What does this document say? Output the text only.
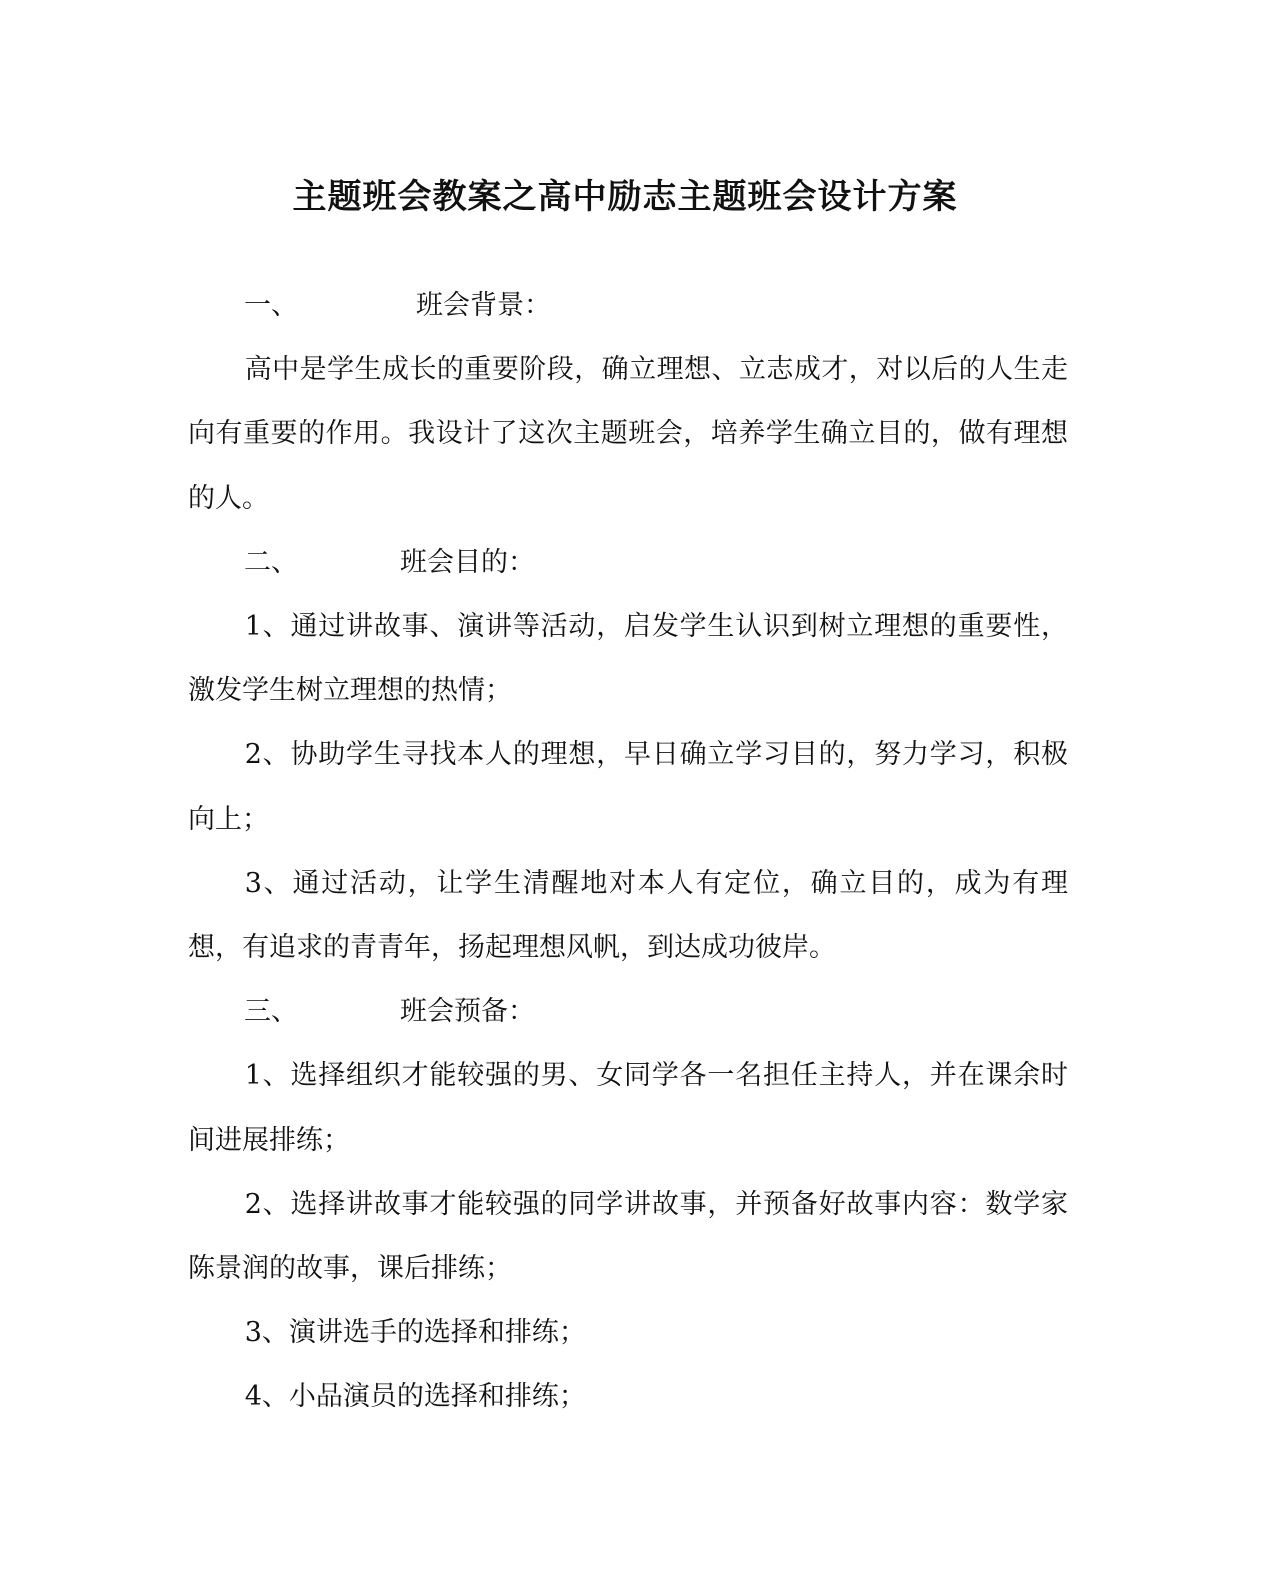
主题班会教案之高中励志主题班会设计方案
一、	班会背景：

高中是学生成长的重要阶段，确立理想、立志成才，对以后的人生走向有重要的作用。我设计了这次主题班会，培养学生确立目的，做有理想的人。

二、	班会目的：

1、通过讲故事、演讲等活动，启发学生认识到树立理想的重要性，激发学生树立理想的热情；

2、协助学生寻找本人的理想，早日确立学习目的，努力学习，积极向上；

3、通过活动，让学生清醒地对本人有定位，确立目的，成为有理想，有追求的青青年，扬起理想风帆，到达成功彼岸。

三、	班会预备：

1、选择组织才能较强的男、女同学各一名担任主持人，并在课余时间进展排练；

2、选择讲故事才能较强的同学讲故事，并预备好故事内容：数学家陈景润的故事，课后排练；

3、演讲选手的选择和排练；

4、小品演员的选择和排练；
